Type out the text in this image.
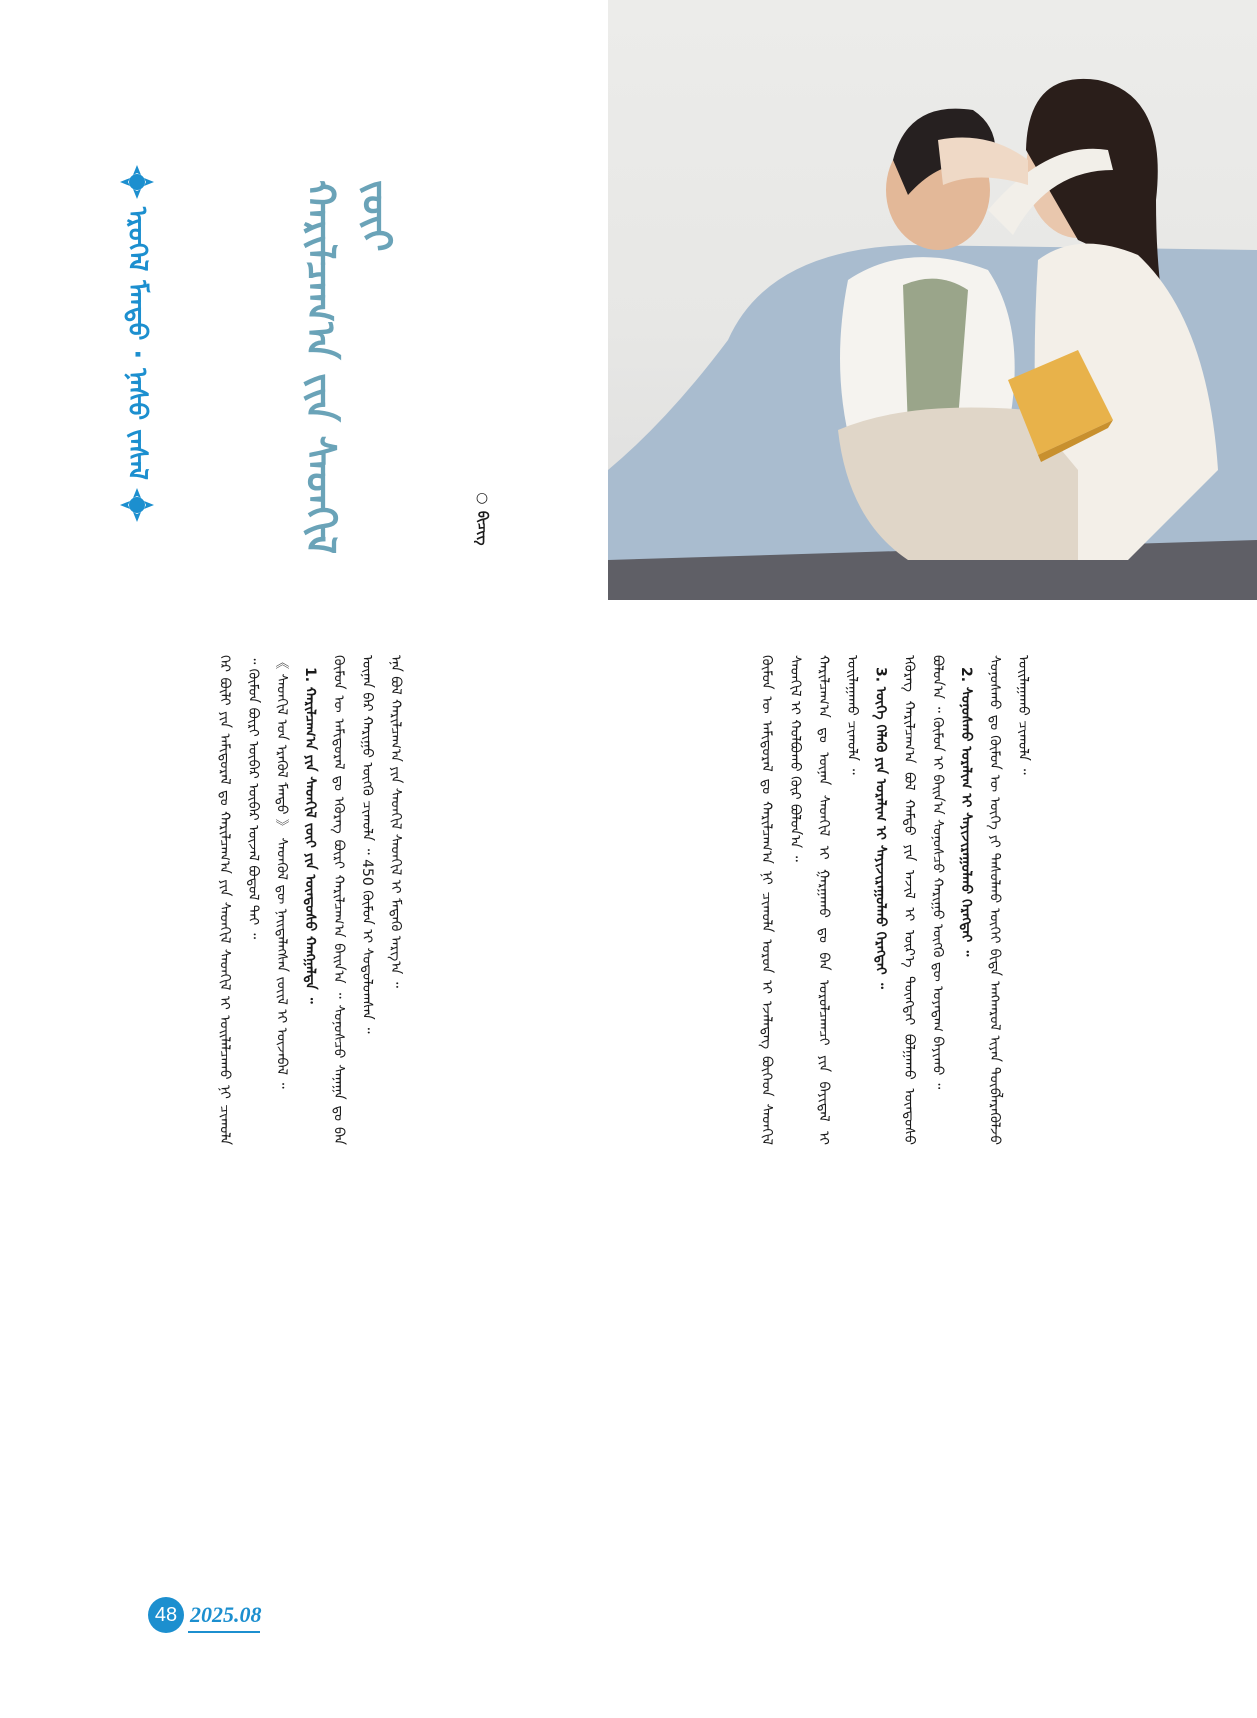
ᠡᠷᠦᠭᠡᠯ ᠮᠡᠨᠳᠦ · ᠨᠠᠰᠤ ᠵᠠᠰᠠᠯ	ᠬᠠᠷᠢᠯᠴᠠᠭ᠎ᠠ ᠵᠢᠨ ᠰᠡᠳᠬᠢᠯ ᠵᠦᠢ
○ ᠪᠢᠴᠢᠭ

ᠭᠡᠷ ᠪᠦᠯᠢ ᠶᠢᠨ ᠠᠮᠢᠳᠤᠷᠠᠯ ᠳᠤ ᠬᠠᠷᠢᠯᠴᠠᠭ᠎ᠠ ᠶᠢᠨ ᠰᠡᠳᠬᠢᠯ ᠰᠡᠳᠬᠢᠯ ᠢ ᠣᠢᠯᠠᠯᠴᠠᠬᠤ ᠨᠢ ᠴᠢᠬᠤᠯᠠ ᠃ ᠬᠦᠮᠦᠨ ᠪᠦᠷᠢ ᠥᠪᠡᠷ ᠥᠪᠡᠷ ᠦᠵᠡᠯ ᠪᠣᠳᠤᠯ ᠲᠠᠢ ᠃ 《 ᠰᠡᠳᠬᠢᠯ ᠤᠨ ᠡᠷᠡᠭᠦᠯ ᠮᠡᠨᠳᠦ 》 ᠰᠡᠳᠬᠦᠯ ᠳᠦ ᠨᠡᠢᠲᠡᠯᠡᠭᠰᠡᠨ ᠵᠦᠢᠯ ᠢ ᠦᠵᠡᠪᠡᠯ ᠃ 1. ᠬᠠᠷᠢᠯᠴᠠᠭ᠎ᠠ ᠶᠢᠨ ᠰᠡᠳᠬᠢᠯ ᠵᠦᠢ ᠶᠢᠨ ᠦᠨᠳᠦᠰᠦ ᠬᠠᠩᠭᠠᠯᠲᠠ ᠃ ᠬᠦᠮᠦᠨ ᠦ ᠠᠮᠢᠳᠤᠷᠠᠯ ᠳᠤ ᠡᠭᠦᠷᠡᠭ ᠪᠦᠷᠢ ᠬᠠᠷᠢᠯᠴᠠᠭ᠎ᠠ ᠪᠠᠢᠨ᠎ᠠ ᠃ ᠰᠣᠨᠣᠰᠴᠤ ᠰᠠᠨᠠᠭᠠ ᠳᠤ ᠪᠠᠨ ᠦᠨᠡᠨ ᠪᠡᠷ ᠬᠠᠷᠢᠭᠤ ᠥᠭᠬᠦ ᠴᠢᠬᠤᠯᠠ ᠃ 450 ᠬᠦᠮᠦᠨ ᠢ ᠰᠤᠳᠤᠯᠤᠭᠰᠠᠨ ᠃ ᠡᠨᠡ ᠪᠣᠯ ᠬᠠᠷᠢᠯᠴᠠᠭ᠎ᠠ ᠶᠢᠨ ᠰᠡᠳᠬᠢᠯ ᠰᠡᠳᠬᠢᠯ ᠢ ᠮᠡᠳᠡᠬᠦ ᠠᠷᠭ᠎ᠠ ᠃	ᠬᠦᠮᠦᠨ ᠦ ᠠᠮᠢᠳᠤᠷᠠᠯ ᠳᠤ ᠬᠠᠷᠢᠯᠴᠠᠭ᠎ᠠ ᠨᠢ ᠴᠢᠬᠤᠯᠠ ᠤᠷᠤᠨ ᠢ ᠡᠵᠡᠯᠡᠳᠡᠭ ᠪᠥᠭᠡᠳ ᠰᠡᠳᠬᠢᠯ ᠰᠡᠳᠬᠢᠯ ᠢ ᠬᠣᠯᠪᠣᠬᠤ ᠭᠦᠷ ᠪᠣᠯᠤᠨ᠎ᠠ ᠃ ᠬᠠᠷᠢᠯᠴᠠᠭ᠎ᠠ ᠳᠤ ᠦᠨᠡᠨ ᠰᠡᠳᠬᠢᠯ ᠢ ᠭᠠᠷᠭᠠᠬᠤ ᠳᠤ ᠪᠡᠨ ᠤᠷᠤᠯᠴᠠᠭᠴᠢ ᠶᠢᠨ ᠪᠠᠶᠢᠳᠠᠯ ᠢ ᠣᠢᠯᠠᠭᠠᠬᠤ ᠴᠢᠬᠤᠯᠠ ᠃ 3. ᠦᠭᠡ ᠬᠡᠯᠡᠬᠦ ᠶᠢᠨ ᠤᠷᠠᠯᠢᠭ ᠢ ᠰᠠᠶᠢᠵᠢᠷᠠᠭᠤᠯᠬᠤ ᠬᠡᠷᠡᠭᠲᠡᠢ ᠃ ᠡᠭᠦᠷᠡᠭ ᠬᠠᠷᠢᠯᠴᠠᠭ᠎ᠠ ᠪᠣᠯ ᠬᠠᠮᠲᠤ ᠶᠢᠨ ᠠᠵᠢᠯ ᠢ ᠦᠷ᠎ᠡ ᠳᠦᠩᠲᠡᠢ ᠪᠣᠯᠭᠠᠬᠤ ᠦᠨᠳᠦᠰᠦ ᠪᠣᠯᠤᠨ᠎ᠠ ᠃ ᠬᠦᠮᠦᠨ ᠢ ᠪᠠᠢᠨ᠎ᠠ ᠰᠣᠨᠣᠰᠴᠤ ᠬᠠᠷᠢᠭᠤ ᠥᠭᠬᠦ ᠳᠦ ᠤᠶᠠᠳᠠᠭ ᠪᠠᠶᠢᠬᠤ ᠃ 2. ᠰᠣᠨᠣᠰᠬᠤ ᠤᠷᠠᠯᠢᠭ ᠢ ᠰᠠᠶᠢᠵᠢᠷᠠᠭᠤᠯᠬᠤ ᠬᠡᠷᠡᠭᠲᠡᠢ ᠃ ᠰᠣᠨᠣᠰᠬᠤ ᠳᠤ ᠬᠦᠮᠦᠨ ᠦ ᠦᠭᠡ ᠶᠢ ᠲᠠᠰᠤᠯᠬᠤ ᠦᠭᠡᠢ ᠪᠢᠳᠡ ᠠᠩᠬᠠᠷᠤᠯ ᠢᠶᠠᠨ ᠲᠥᠪᠯᠡᠷᠡᠭᠦᠯᠵᠦ ᠣᠢᠯᠠᠭᠠᠬᠤ ᠴᠢᠬᠤᠯᠠ ᠃

48 2025.08
